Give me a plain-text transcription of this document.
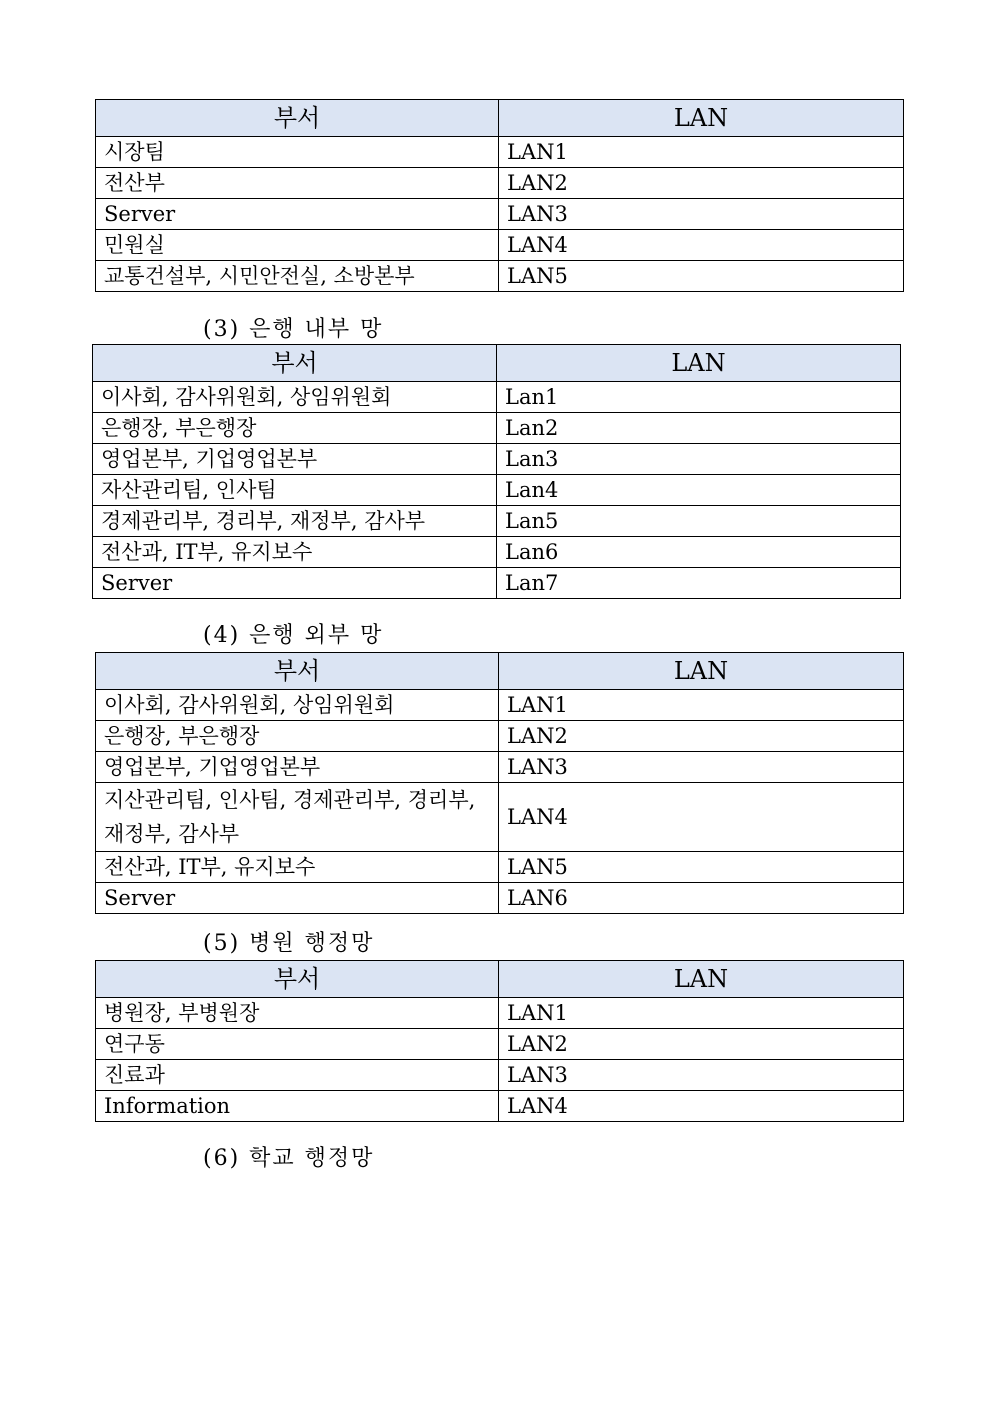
부서	LAN
시장팀	LAN1
전산부	LAN2
Server	LAN3
민원실	LAN4
교통건설부, 시민안전실, 소방본부	LAN5
(3) 은행 내부 망
부서	LAN
이사회, 감사위원회, 상임위원회	Lan1
은행장, 부은행장	Lan2
영업본부, 기업영업본부	Lan3
자산관리팀, 인사팀	Lan4
경제관리부, 경리부, 재정부, 감사부	Lan5
전산과, IT부, 유지보수	Lan6
Server	Lan7
(4) 은행 외부 망
부서	LAN
이사회, 감사위원회, 상임위원회	LAN1
은행장, 부은행장	LAN2
영업본부, 기업영업본부	LAN3
지산관리팀, 인사팀, 경제관리부, 경리부, 재정부, 감사부	LAN4
전산과, IT부, 유지보수	LAN5
Server	LAN6
(5) 병원 행정망
부서	LAN
병원장, 부병원장	LAN1
연구동	LAN2
진료과	LAN3
Information	LAN4
(6) 학교 행정망
